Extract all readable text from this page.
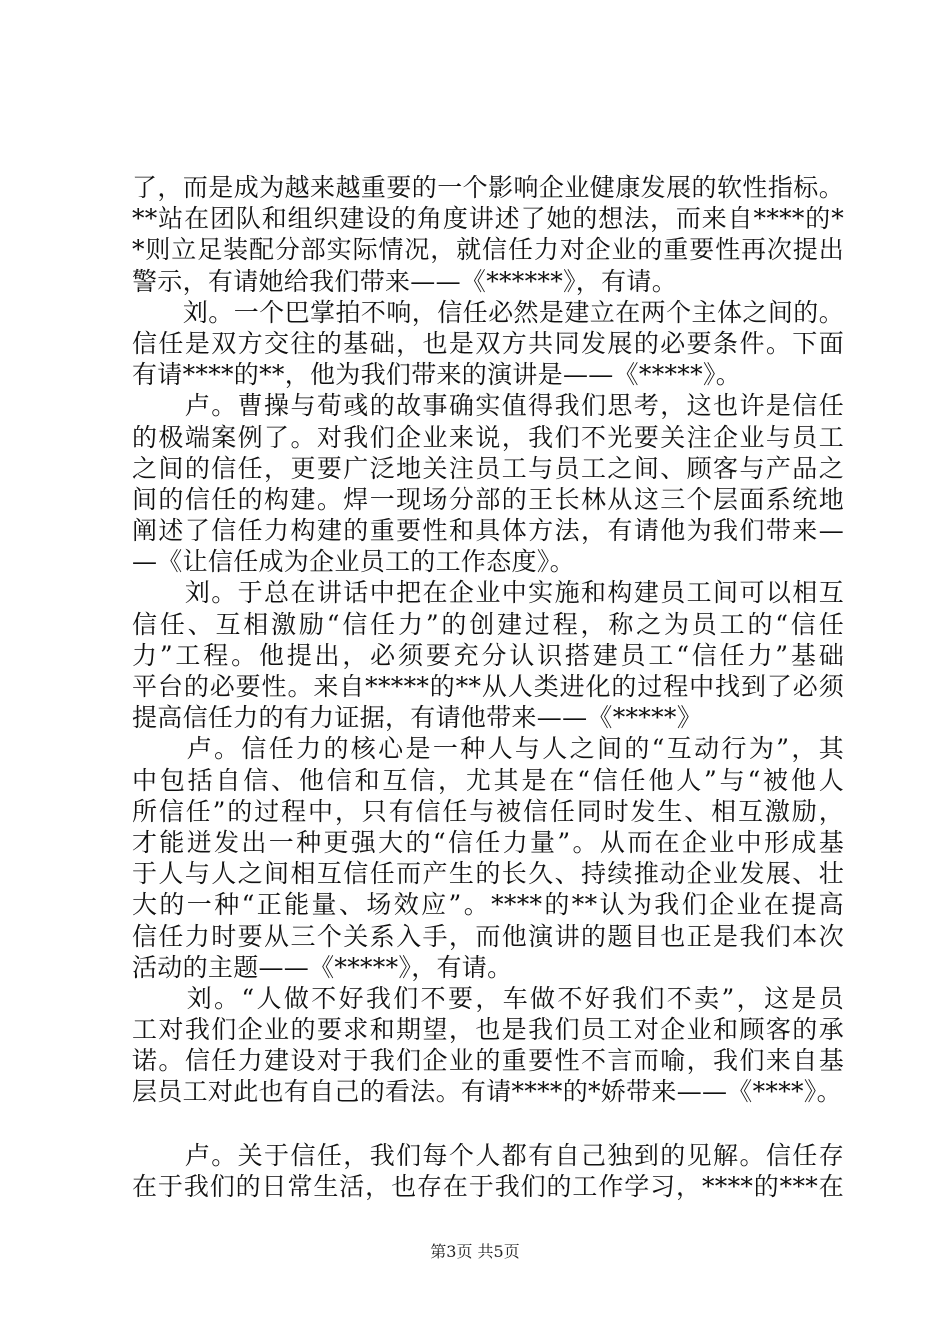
了，而是成为越来越重要的一个影响企业健康发展的软性指标。
**站在团队和组织建设的角度讲述了她的想法，而来自****的*
*则立足装配分部实际情况，就信任力对企业的重要性再次提出
警示，有请她给我们带来——《******》，有请。
　　刘。一个巴掌拍不响，信任必然是建立在两个主体之间的。
信任是双方交往的基础，也是双方共同发展的必要条件。下面
有请****的**，他为我们带来的演讲是——《*****》。
　　卢。曹操与荀彧的故事确实值得我们思考，这也许是信任
的极端案例了。对我们企业来说，我们不光要关注企业与员工
之间的信任，更要广泛地关注员工与员工之间、顾客与产品之
间的信任的构建。焊一现场分部的王长林从这三个层面系统地
阐述了信任力构建的重要性和具体方法，有请他为我们带来—
—《让信任成为企业员工的工作态度》。
　　刘。于总在讲话中把在企业中实施和构建员工间可以相互
信任、互相激励“信任力”的创建过程，称之为员工的“信任
力”工程。他提出，必须要充分认识搭建员工“信任力”基础
平台的必要性。来自*****的**从人类进化的过程中找到了必须
提高信任力的有力证据，有请他带来——《*****》
　　卢。信任力的核心是一种人与人之间的“互动行为”，其
中包括自信、他信和互信，尤其是在“信任他人”与“被他人
所信任”的过程中，只有信任与被信任同时发生、相互激励，
才能迸发出一种更强大的“信任力量”。从而在企业中形成基
于人与人之间相互信任而产生的长久、持续推动企业发展、壮
大的一种“正能量、场效应”。****的**认为我们企业在提高
信任力时要从三个关系入手，而他演讲的题目也正是我们本次
活动的主题——《*****》，有请。
　　刘。“人做不好我们不要，车做不好我们不卖”，这是员
工对我们企业的要求和期望，也是我们员工对企业和顾客的承
诺。信任力建设对于我们企业的重要性不言而喻，我们来自基
层员工对此也有自己的看法。有请****的*娇带来——《****》。
　　卢。关于信任，我们每个人都有自己独到的见解。信任存
在于我们的日常生活，也存在于我们的工作学习，****的***在
第3页 共5页
